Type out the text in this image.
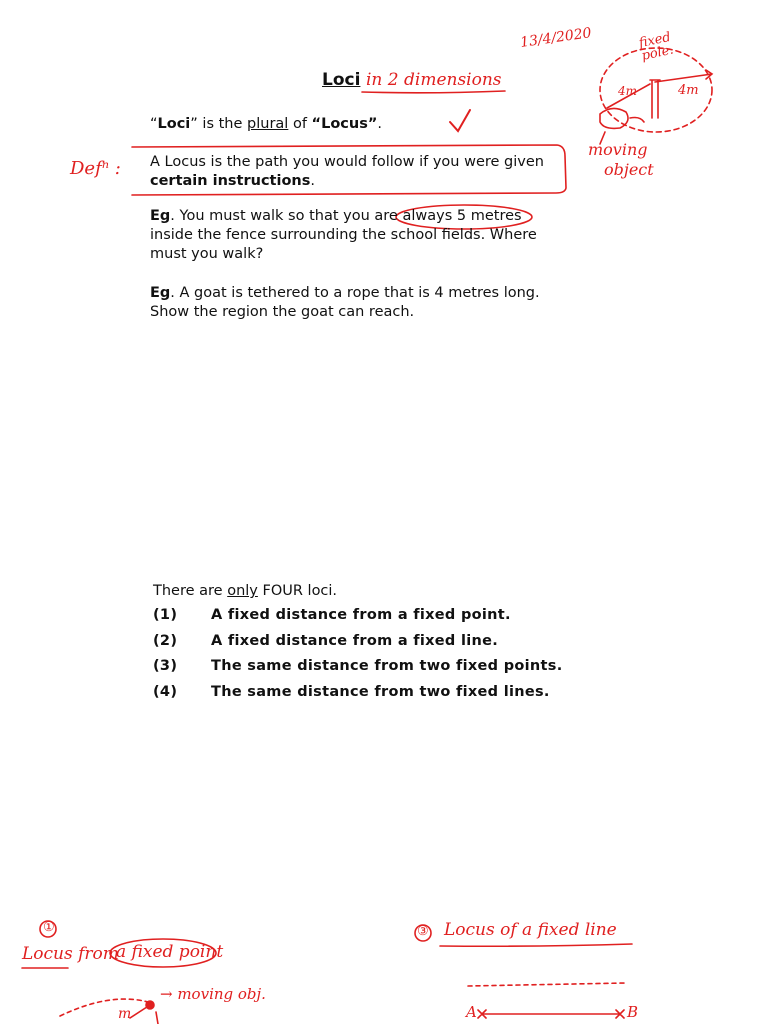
13/4/2020	fixed pole.
4m	4m
moving
object
in 2 dimensions
Defⁿ :
①
Locus from
a fixed point
→ moving obj.
m
③ Locus of a fixed line
A	B
Loci
“Loci” is the plural of “Locus”.
A Locus is the path you would follow if you were given
certain instructions.
Eg. You must walk so that you are always 5 metres
inside the fence surrounding the school fields. Where
must you walk?
Eg. A goat is tethered to a rope that is 4 metres long.
Show the region the goat can reach.
There are only FOUR loci.
(1)	A fixed distance from a fixed point.
(2)	A fixed distance from a fixed line.
(3)	The same distance from two fixed points.
(4)	The same distance from two fixed lines.
